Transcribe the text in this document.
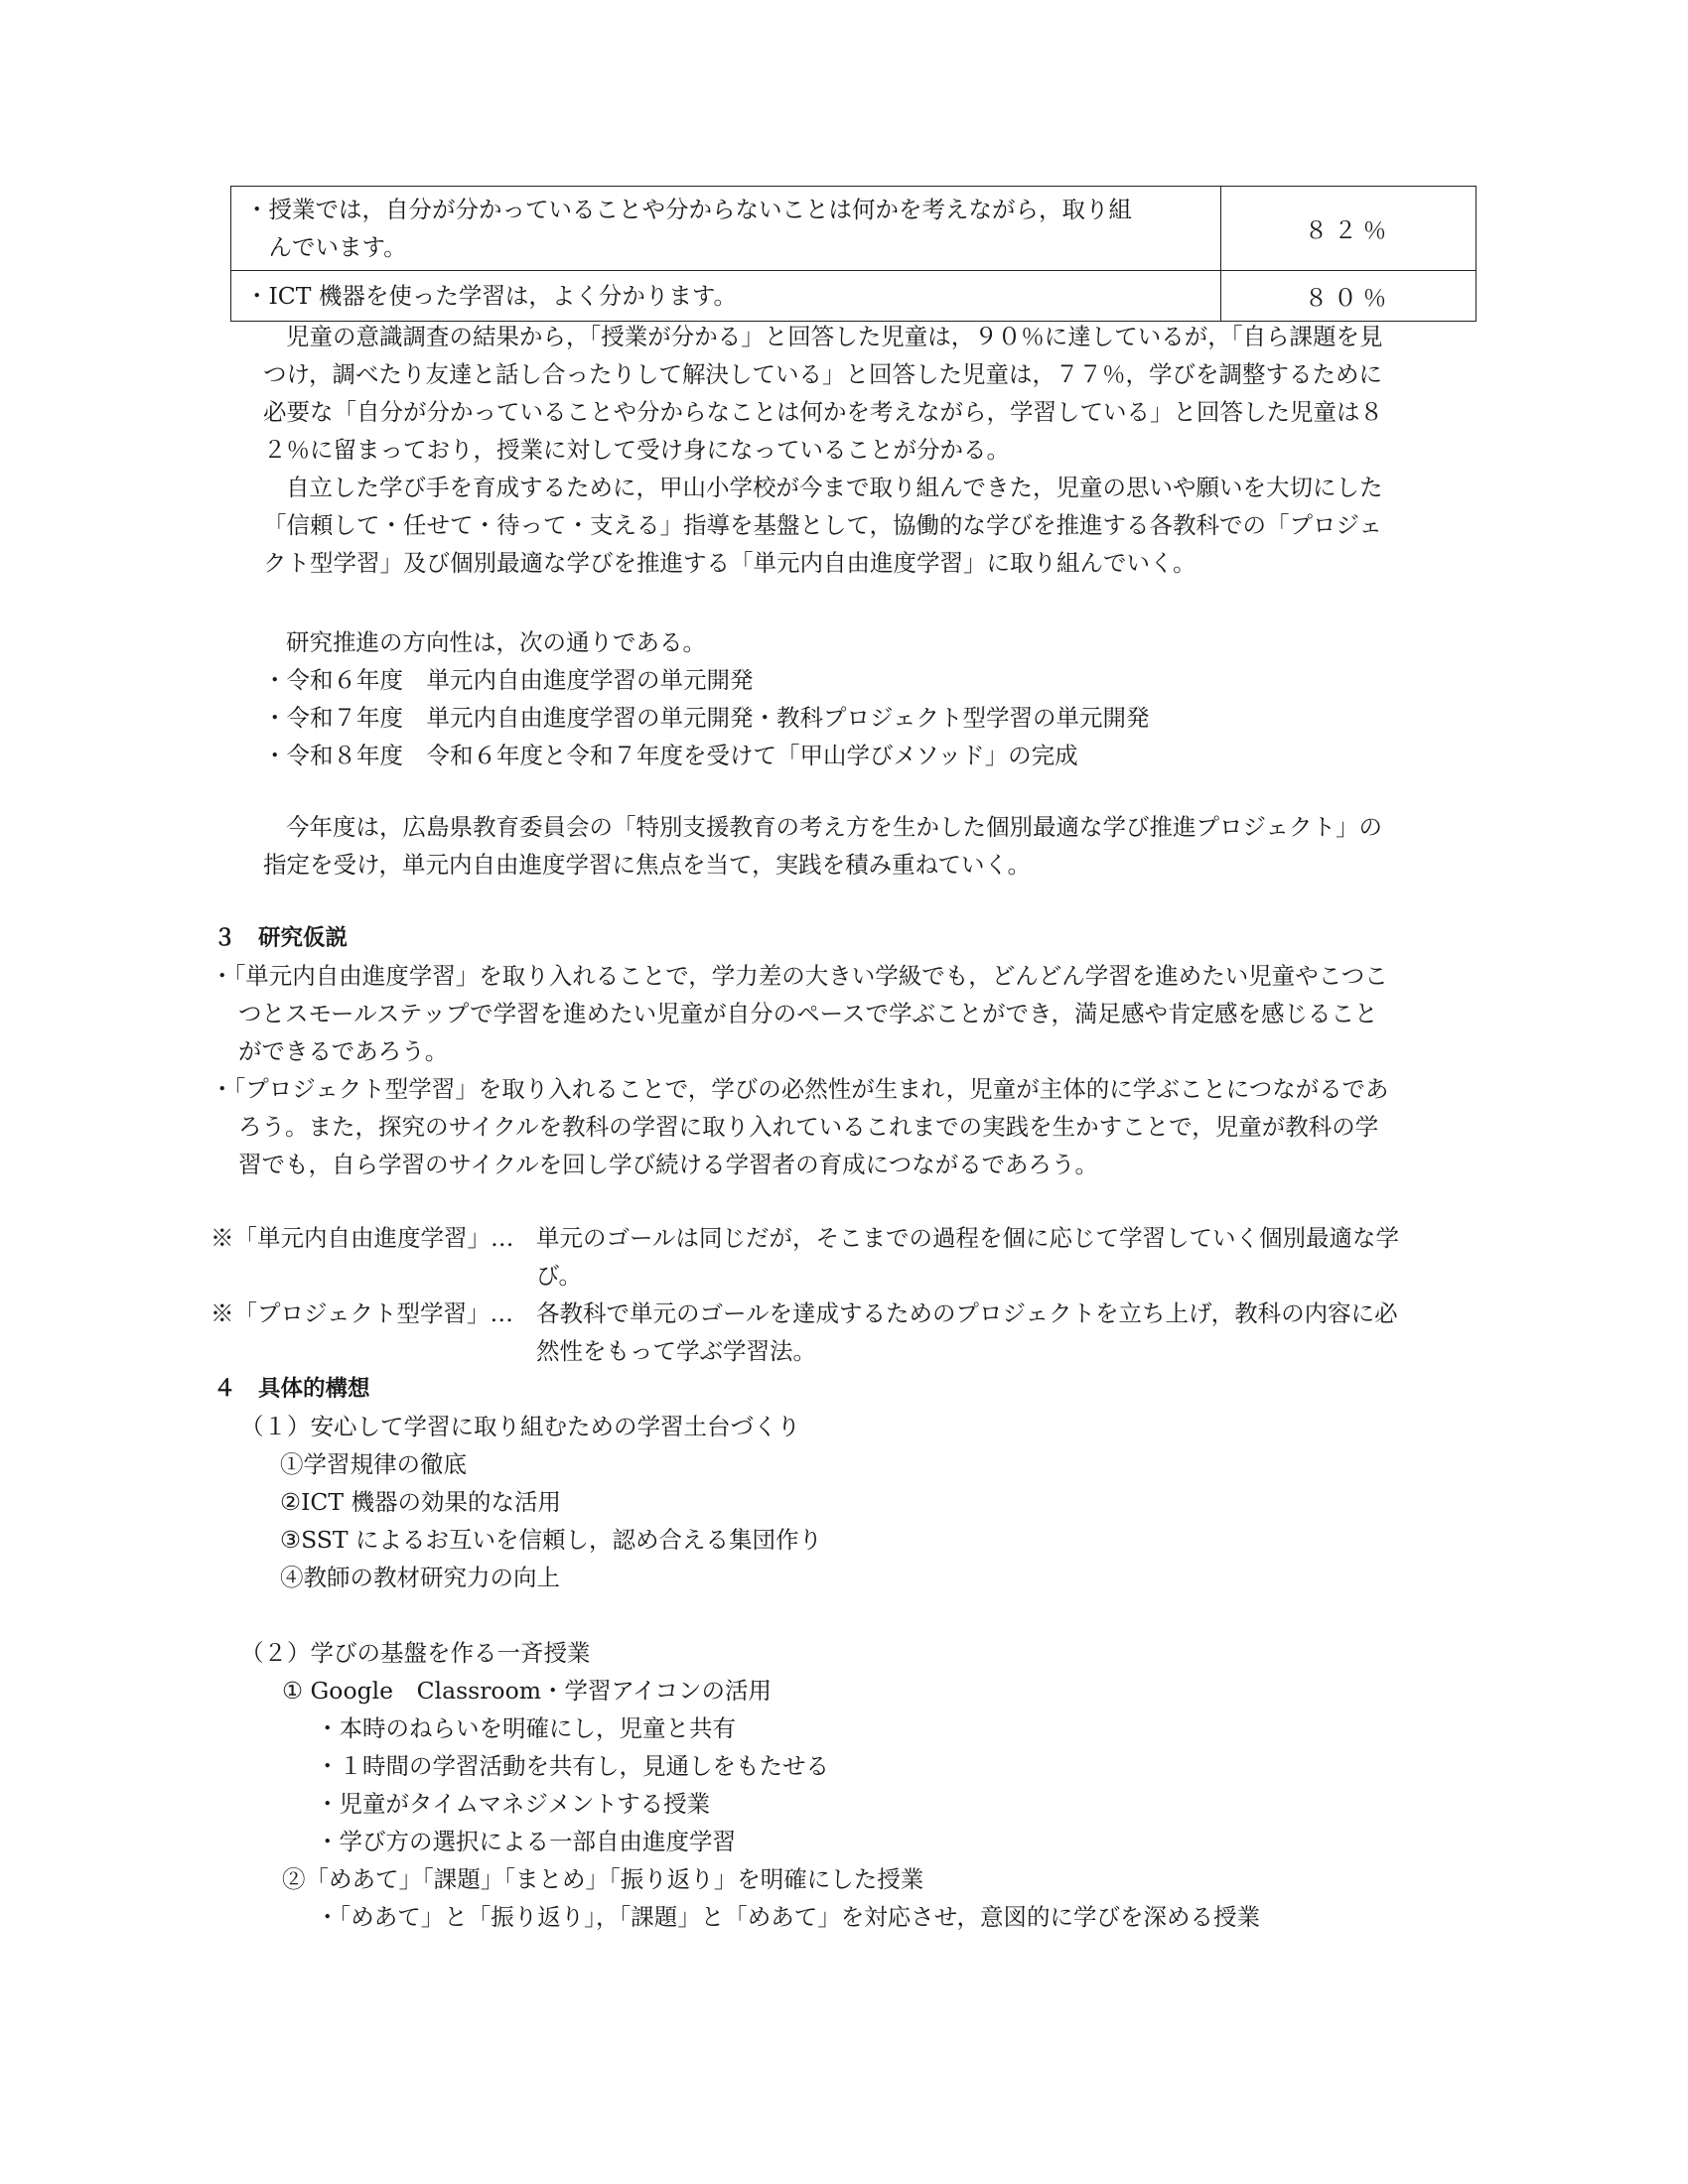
・授業では，自分が分かっていることや分からないことは何かを考えながら，取り組
んでいます。	８２％

・ICT 機器を使った学習は，よく分かります。	８０％
児童の意識調査の結果から，「授業が分かる」と回答した児童は，９０％に達しているが，「自ら課題を見
つけ，調べたり友達と話し合ったりして解決している」と回答した児童は，７７％，学びを調整するために
必要な「自分が分かっていることや分からなことは何かを考えながら，学習している」と回答した児童は８
２％に留まっており，授業に対して受け身になっていることが分かる。
自立した学び手を育成するために，甲山小学校が今まで取り組んできた，児童の思いや願いを大切にした
「信頼して・任せて・待って・支える」指導を基盤として，協働的な学びを推進する各教科での「プロジェ
クト型学習」及び個別最適な学びを推進する「単元内自由進度学習」に取り組んでいく。
研究推進の方向性は，次の通りである。
・令和６年度　単元内自由進度学習の単元開発
・令和７年度　単元内自由進度学習の単元開発・教科プロジェクト型学習の単元開発
・令和８年度　令和６年度と令和７年度を受けて「甲山学びメソッド」の完成
今年度は，広島県教育委員会の「特別支援教育の考え方を生かした個別最適な学び推進プロジェクト」の
指定を受け，単元内自由進度学習に焦点を当て，実践を積み重ねていく。
３　研究仮説
・「単元内自由進度学習」を取り入れることで，学力差の大きい学級でも，どんどん学習を進めたい児童やこつこ
つとスモールステップで学習を進めたい児童が自分のペースで学ぶことができ，満足感や肯定感を感じること
ができるであろう。
・「プロジェクト型学習」を取り入れることで，学びの必然性が生まれ，児童が主体的に学ぶことにつながるであ
ろう。また，探究のサイクルを教科の学習に取り入れているこれまでの実践を生かすことで，児童が教科の学
習でも，自ら学習のサイクルを回し学び続ける学習者の育成につながるであろう。
※「単元内自由進度学習」… 単元のゴールは同じだが，そこまでの過程を個に応じて学習していく個別最適な学
び。
※「プロジェクト型学習」… 各教科で単元のゴールを達成するためのプロジェクトを立ち上げ，教科の内容に必
然性をもって学ぶ学習法。
４　具体的構想
（１）安心して学習に取り組むための学習土台づくり
①学習規律の徹底
②ICT 機器の効果的な活用
③SST によるお互いを信頼し，認め合える集団作り
④教師の教材研究力の向上
（２）学びの基盤を作る一斉授業
① Google　Classroom・学習アイコンの活用
・本時のねらいを明確にし，児童と共有
・１時間の学習活動を共有し，見通しをもたせる
・児童がタイムマネジメントする授業
・学び方の選択による一部自由進度学習
②「めあて」「課題」「まとめ」「振り返り」を明確にした授業
・「めあて」と「振り返り」，「課題」と「めあて」を対応させ，意図的に学びを深める授業
